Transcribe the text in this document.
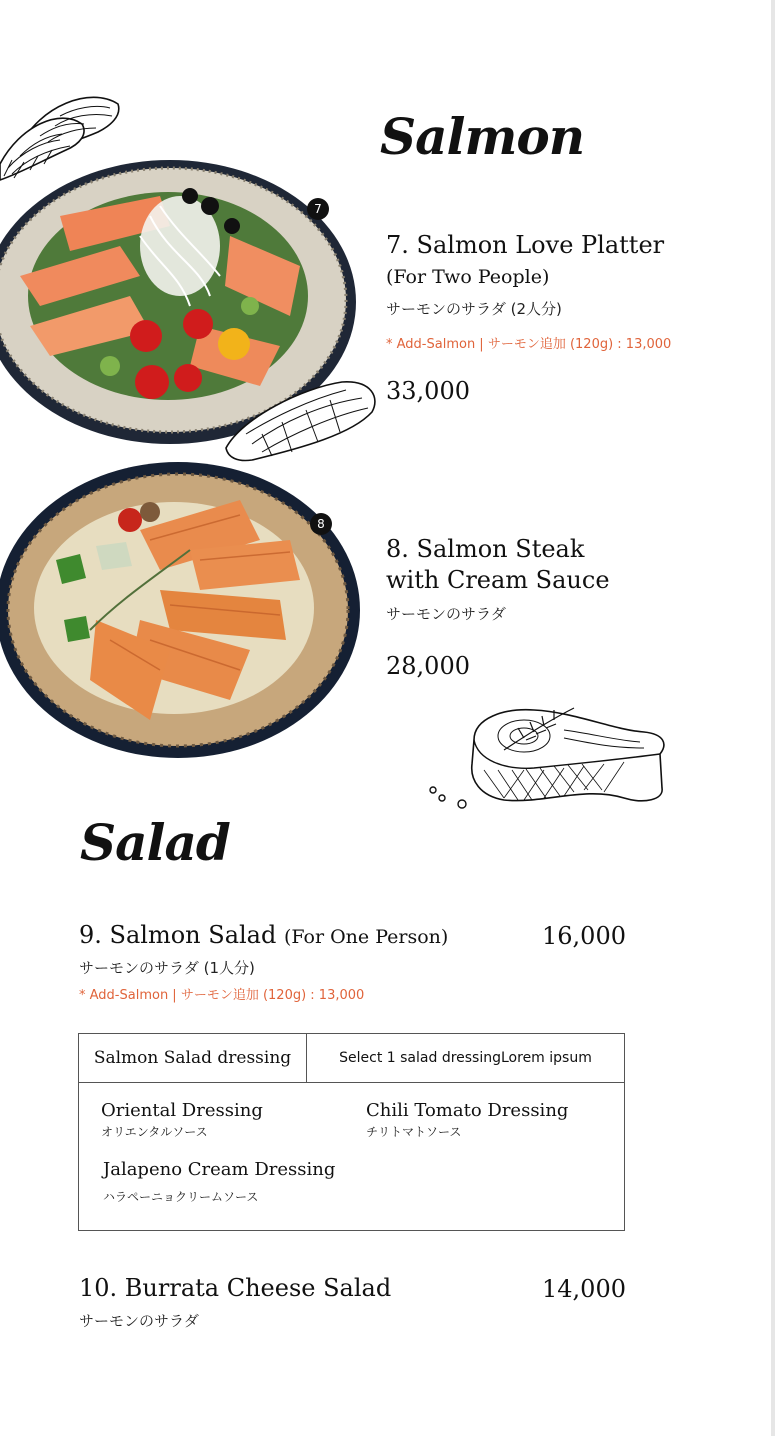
Salmon
7
7. Salmon Love Platter
(For Two People)
サーモンのサラダ (2人分)
* Add-Salmon | サーモン追加 (120g) : 13,000
33,000
8
8. Salmon Steak
with Cream Sauce
サーモンのサラダ
28,000
Salad
9. Salmon Salad (For One Person)	16,000
サーモンのサラダ (1人分)
* Add-Salmon | サーモン追加 (120g) : 13,000
Salmon Salad dressing	Select 1 salad dressingLorem ipsum
Oriental Dressing
オリエンタルソース
Chili Tomato Dressing
チリトマトソース
Jalapeno Cream Dressing
ハラペーニョクリームソース
10. Burrata Cheese Salad	14,000
サーモンのサラダ
